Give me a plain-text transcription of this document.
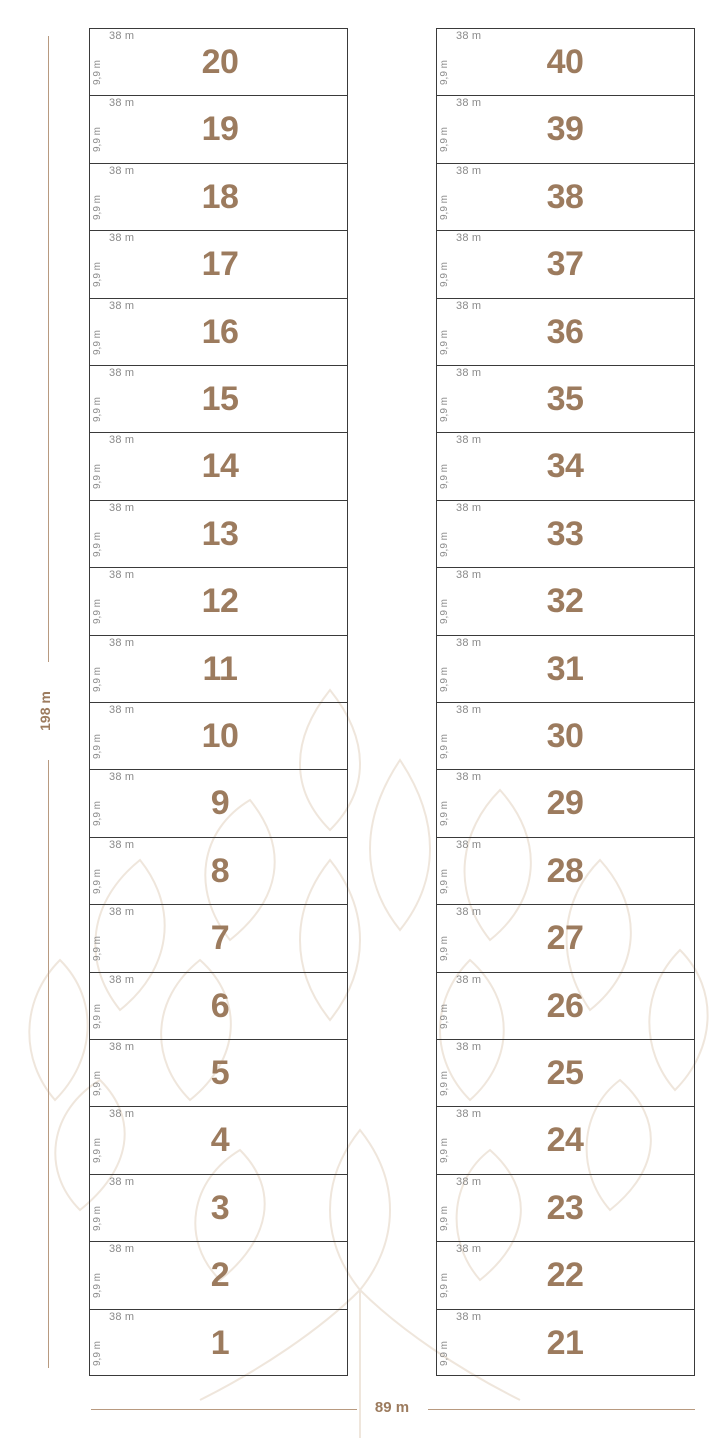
38 m
9,9 m	20
38 m
9,9 m	19
38 m
9,9 m	18
38 m
9,9 m	17
38 m
9,9 m	16
38 m
9,9 m	15
38 m
9,9 m	14
38 m
9,9 m	13
38 m
9,9 m	12
38 m
9,9 m	11
38 m
9,9 m	10
38 m
9,9 m	9
38 m
9,9 m	8
38 m
9,9 m	7
38 m
9,9 m	6
38 m
9,9 m	5
38 m
9,9 m	4
38 m
9,9 m	3
38 m
9,9 m	2
38 m
9,9 m	1
38 m
9,9 m	40
38 m
9,9 m	39
38 m
9,9 m	38
38 m
9,9 m	37
38 m
9,9 m	36
38 m
9,9 m	35
38 m
9,9 m	34
38 m
9,9 m	33
38 m
9,9 m	32
38 m
9,9 m	31
38 m
9,9 m	30
38 m
9,9 m	29
38 m
9,9 m	28
38 m
9,9 m	27
38 m
9,9 m	26
38 m
9,9 m	25
38 m
9,9 m	24
38 m
9,9 m	23
38 m
9,9 m	22
38 m
9,9 m	21
198 m
89 m
